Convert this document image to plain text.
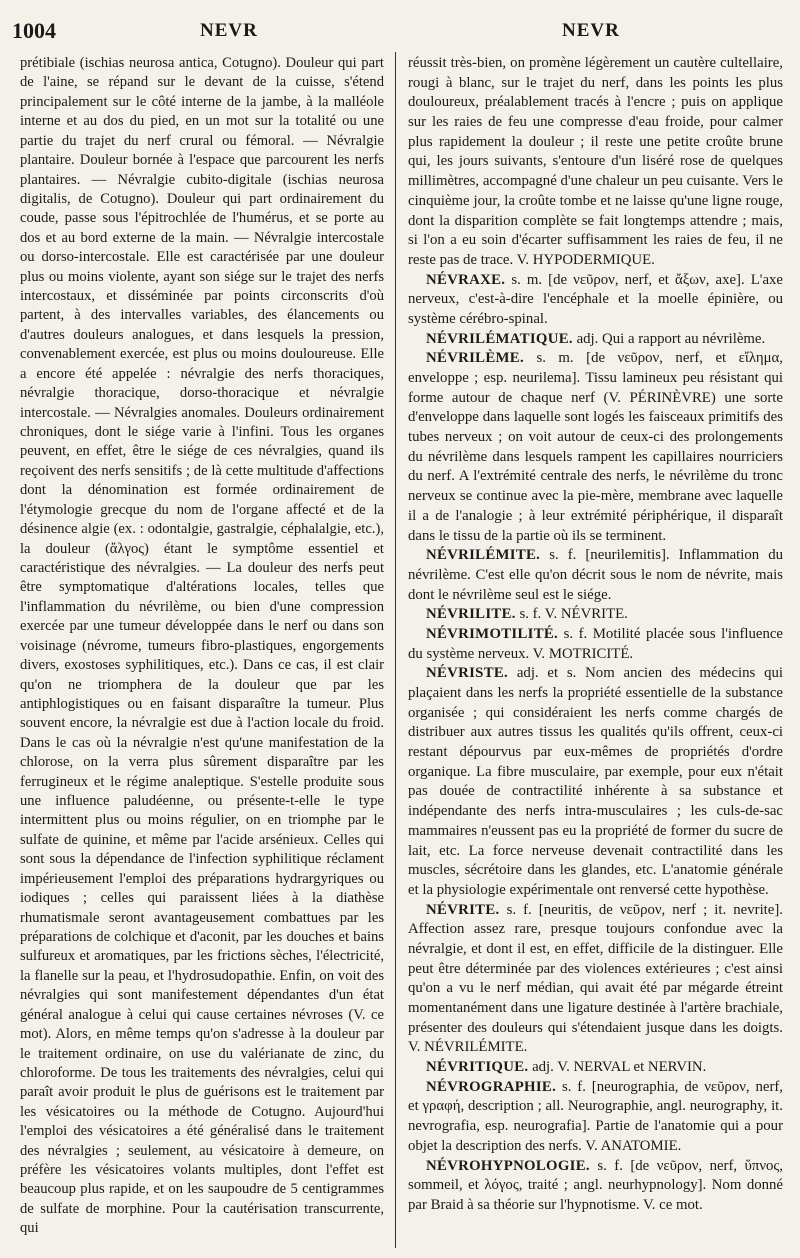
1004	NEVR	NEVR

prétibiale (ischias neurosa antica, Cotugno). Douleur qui part de l'aine, se répand sur le devant de la cuisse, s'étend principalement sur le côté interne de la jambe, à la malléole interne et au dos du pied, en un mot sur la totalité ou une partie du trajet du nerf crural ou fémoral. — Névralgie plantaire. Douleur bornée à l'espace que parcourent les nerfs plantaires. — Névralgie cubito-digitale (ischias neurosa digitalis, de Cotugno). Douleur qui part ordinairement du coude, passe sous l'épitrochlée de l'humérus, et se porte au dos et au bord externe de la main. — Névralgie intercostale ou dorso-intercostale. Elle est caractérisée par une douleur plus ou moins violente, ayant son siége sur le trajet des nerfs intercostaux, et disséminée par points circonscrits d'où partent, à des intervalles variables, des élancements ou d'autres douleurs analogues, et dans lesquels la pression, convenablement exercée, est plus ou moins douloureuse. Elle a encore été appelée : névralgie des nerfs thoraciques, névralgie thoracique, dorso-thoracique et névralgie intercostale. — Névralgies anomales. Douleurs ordinairement chroniques, dont le siége varie à l'infini. Tous les organes peuvent, en effet, être le siége de ces névralgies, quand ils reçoivent des nerfs sensitifs ; de là cette multitude d'affections dont la dénomination est formée ordinairement de l'étymologie grecque du nom de l'organe affecté et de la désinence algie (ex. : odontalgie, gastralgie, céphalalgie, etc.), la douleur (ἄλγος) étant le symptôme essentiel et caractéristique des névralgies. — La douleur des nerfs peut être symptomatique d'altérations locales, telles que l'inflammation du névrilème, ou bien d'une compression exercée par une tumeur développée dans le nerf ou dans son voisinage (névrome, tumeurs fibro-plastiques, engorgements divers, exostoses syphilitiques, etc.). Dans ce cas, il est clair qu'on ne triomphera de la douleur que par les antiphlogistiques ou en faisant disparaître la tumeur. Plus souvent encore, la névralgie est due à l'action locale du froid. Dans le cas où la névralgie n'est qu'une manifestation de la chlorose, on la verra plus sûrement disparaître par les ferrugineux et le régime analeptique. S'estelle produite sous une influence paludéenne, ou présente-t-elle le type intermittent plus ou moins régulier, on en triomphe par le sulfate de quinine, et même par l'acide arsénieux. Celles qui sont sous la dépendance de l'infection syphilitique réclament impérieusement l'emploi des préparations hydrargyriques ou iodiques ; celles qui paraissent liées à la diathèse rhumatismale seront avantageusement combattues par les préparations de colchique et d'aconit, par les douches et bains sulfureux et aromatiques, par les frictions sèches, l'électricité, la flanelle sur la peau, et l'hydrosudopathie. Enfin, on voit des névralgies qui sont manifestement dépendantes d'un état général analogue à celui qui cause certaines névroses (V. ce mot). Alors, en même temps qu'on s'adresse à la douleur par le traitement ordinaire, on use du valérianate de zinc, du chloroforme. De tous les traitements des névralgies, celui qui paraît avoir produit le plus de guérisons est le traitement par les vésicatoires ou la méthode de Cotugno. Aujourd'hui l'emploi des vésicatoires a été généralisé dans le traitement des névralgies ; seulement, au vésicatoire à demeure, on préfère les vésicatoires volants multiples, dont l'effet est beaucoup plus rapide, et on les saupoudre de 5 centigrammes de sulfate de morphine. Pour la cautérisation transcurrente, qui

réussit très-bien, on promène légèrement un cautère cultellaire, rougi à blanc, sur le trajet du nerf, dans les points les plus douloureux, préalablement tracés à l'encre ; puis on applique sur les raies de feu une compresse d'eau froide, pour calmer plus rapidement la douleur ; il reste une petite croûte brune qui, les jours suivants, s'entoure d'un liséré rose de quelques millimètres, accompagné d'une chaleur un peu cuisante. Vers le cinquième jour, la croûte tombe et ne laisse qu'une ligne rouge, dont la disparition complète se fait longtemps attendre ; mais, si l'on a eu soin d'écarter suffisamment les raies de feu, il ne reste pas de trace. V. HYPODERMIQUE.

NÉVRAXE. s. m. [de νεῦρον, nerf, et ἄξων, axe]. L'axe nerveux, c'est-à-dire l'encéphale et la moelle épinière, ou système cérébro-spinal.

NÉVRILÉMATIQUE. adj. Qui a rapport au névrilème.

NÉVRILÈME. s. m. [de νεῦρον, nerf, et εἴλημα, enveloppe ; esp. neurilema]. Tissu lamineux peu résistant qui forme autour de chaque nerf (V. PÉRINÈVRE) une sorte d'enveloppe dans laquelle sont logés les faisceaux primitifs des tubes nerveux ; on voit autour de ceux-ci des prolongements du névrilème dans lesquels rampent les capillaires nourriciers du nerf. A l'extrémité centrale des nerfs, le névrilème du tronc nerveux se continue avec la pie-mère, membrane avec laquelle il a de l'analogie ; à leur extrémité périphérique, il disparaît dans le tissu de la partie où ils se terminent.

NÉVRILÉMITE. s. f. [neurilemitis]. Inflammation du névrilème. C'est elle qu'on décrit sous le nom de névrite, mais dont le névrilème seul est le siége.

NÉVRILITE. s. f. V. NÉVRITE.

NÉVRIMOTILITÉ. s. f. Motilité placée sous l'influence du système nerveux. V. MOTRICITÉ.

NÉVRISTE. adj. et s. Nom ancien des médecins qui plaçaient dans les nerfs la propriété essentielle de la substance organisée ; qui considéraient les nerfs comme chargés de distribuer aux autres tissus les qualités qu'ils offrent, ceux-ci restant dépourvus par eux-mêmes de propriétés d'ordre organique. La fibre musculaire, par exemple, pour eux n'était pas douée de contractilité inhérente à sa substance et indépendante des nerfs intra-musculaires ; les culs-de-sac mammaires n'eussent pas eu la propriété de former du sucre de lait, etc. La force nerveuse devenait contractilité dans les muscles, sécrétoire dans les glandes, etc. L'anatomie générale et la physiologie expérimentale ont renversé cette hypothèse.

NÉVRITE. s. f. [neuritis, de νεῦρον, nerf ; it. nevrite]. Affection assez rare, presque toujours confondue avec la névralgie, et dont il est, en effet, difficile de la distinguer. Elle peut être déterminée par des violences extérieures ; c'est ainsi qu'on a vu le nerf médian, qui avait été par mégarde étreint momentanément dans une ligature destinée à l'artère brachiale, présenter des douleurs qui s'étendaient jusque dans les doigts. V. NÉVRILÉMITE.

NÉVRITIQUE. adj. V. NERVAL et NERVIN.

NÉVROGRAPHIE. s. f. [neurographia, de νεῦρον, nerf, et γραφή, description ; all. Neurographie, angl. neurography, it. nevrografia, esp. neurografia]. Partie de l'anatomie qui a pour objet la description des nerfs. V. ANATOMIE.

NÉVROHYPNOLOGIE. s. f. [de νεῦρον, nerf, ὕπνος, sommeil, et λόγος, traité ; angl. neurhypnology]. Nom donné par Braid à sa théorie sur l'hypnotisme. V. ce mot.
